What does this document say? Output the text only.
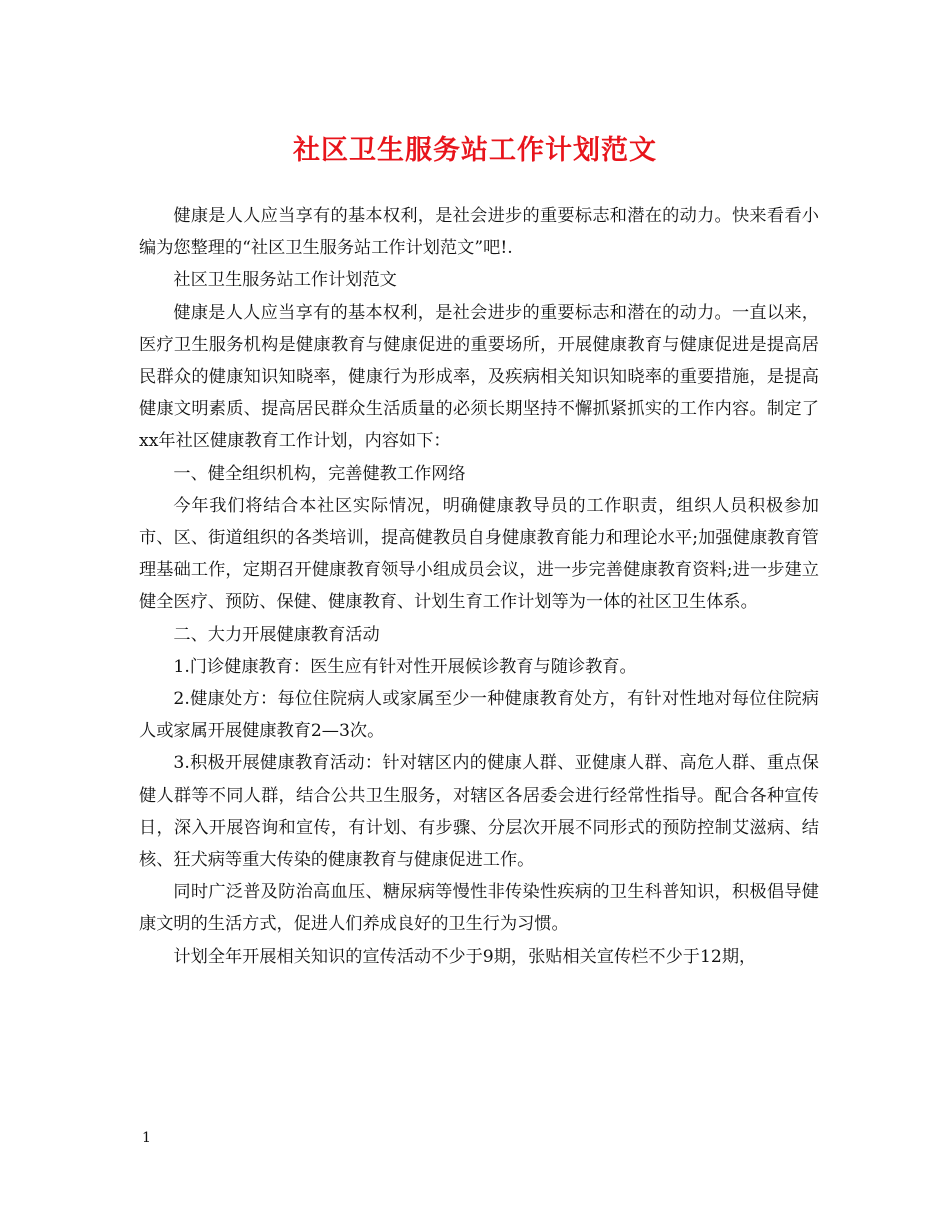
社区卫生服务站工作计划范文

健康是人人应当享有的基本权利，是社会进步的重要标志和潜在的动力。快来看看小编为您整理的“社区卫生服务站工作计划范文”吧!.

社区卫生服务站工作计划范文

健康是人人应当享有的基本权利，是社会进步的重要标志和潜在的动力。一直以来，医疗卫生服务机构是健康教育与健康促进的重要场所，开展健康教育与健康促进是提高居民群众的健康知识知晓率，健康行为形成率，及疾病相关知识知晓率的重要措施，是提高健康文明素质、提高居民群众生活质量的必须长期坚持不懈抓紧抓实的工作内容。制定了xx年社区健康教育工作计划，内容如下：

一、健全组织机构，完善健教工作网络

今年我们将结合本社区实际情况，明确健康教导员的工作职责，组织人员积极参加市、区、街道组织的各类培训，提高健教员自身健康教育能力和理论水平;加强健康教育管理基础工作，定期召开健康教育领导小组成员会议，进一步完善健康教育资料;进一步建立健全医疗、预防、保健、健康教育、计划生育工作计划等为一体的社区卫生体系。

二、大力开展健康教育活动

1.门诊健康教育：医生应有针对性开展候诊教育与随诊教育。

2.健康处方：每位住院病人或家属至少一种健康教育处方，有针对性地对每位住院病人或家属开展健康教育2—3次。

3.积极开展健康教育活动：针对辖区内的健康人群、亚健康人群、高危人群、重点保健人群等不同人群，结合公共卫生服务，对辖区各居委会进行经常性指导。配合各种宣传日，深入开展咨询和宣传，有计划、有步骤、分层次开展不同形式的预防控制艾滋病、结核、狂犬病等重大传染的健康教育与健康促进工作。

同时广泛普及防治高血压、糖尿病等慢性非传染性疾病的卫生科普知识，积极倡导健康文明的生活方式，促进人们养成良好的卫生行为习惯。

计划全年开展相关知识的宣传活动不少于9期，张贴相关宣传栏不少于12期，

1
